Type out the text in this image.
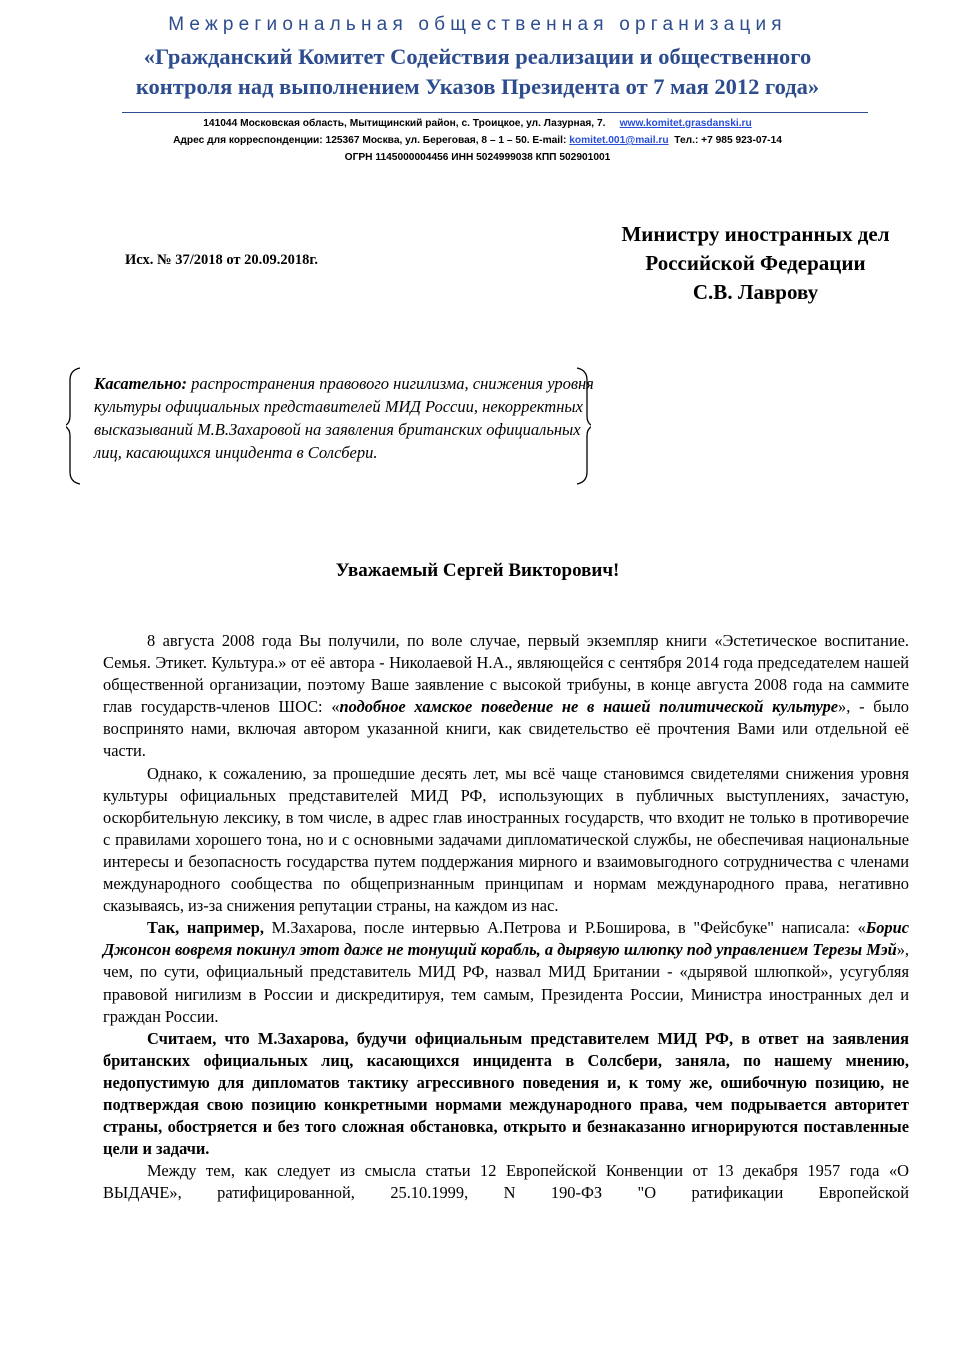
Межрегиональная общественная организация
«Гражданский Комитет Содействия реализации и общественного
контроля над выполнением Указов Президента от 7 мая 2012 года»
141044 Московская область, Мытищинский район, с. Троицкое, ул. Лазурная, 7. www.komitet.grasdanski.ru
Адрес для корреспонденции: 125367 Москва, ул. Береговая, 8 – 1 – 50. E-mail: komitet.001@mail.ru Тел.: +7 985 923-07-14
ОГРН 1145000004456 ИНН 5024999038 КПП 502901001
Исх. № 37/2018 от 20.09.2018г.
Министру иностранных дел
Российской Федерации
С.В. Лаврову
Касательно: распространения правового нигилизма, снижения уровня культуры официальных представителей МИД России, некорректных высказываний М.В.Захаровой на заявления британских официальных лиц, касающихся инцидента в Солсбери.
Уважаемый Сергей Викторович!

8 августа 2008 года Вы получили, по воле случае, первый экземпляр книги «Эстетическое воспитание. Семья. Этикет. Культура.» от её автора - Николаевой Н.А., являющейся с сентября 2014 года председателем нашей общественной организации, поэтому Ваше заявление с высокой трибуны, в конце августа 2008 года на саммите глав государств-членов ШОС: «подобное хамское поведение не в нашей политической культуре», - было воспринято нами, включая автором указанной книги, как свидетельство её прочтения Вами или отдельной её части.

Однако, к сожалению, за прошедшие десять лет, мы всё чаще становимся свидетелями снижения уровня культуры официальных представителей МИД РФ, использующих в публичных выступлениях, зачастую, оскорбительную лексику, в том числе, в адрес глав иностранных государств, что входит не только в противоречие с правилами хорошего тона, но и с основными задачами дипломатической службы, не обеспечивая национальные интересы и безопасность государства путем поддержания мирного и взаимовыгодного сотрудничества с членами международного сообщества по общепризнанным принципам и нормам международного права, негативно сказываясь, из-за снижения репутации страны, на каждом из нас.

Так, например, М.Захарова, после интервью А.Петрова и Р.Боширова, в "Фейсбуке" написала: «Борис Джонсон вовремя покинул этот даже не тонущий корабль, а дырявую шлюпку под управлением Терезы Мэй», чем, по сути, официальный представитель МИД РФ, назвал МИД Британии - «дырявой шлюпкой», усугубляя правовой нигилизм в России и дискредитируя, тем самым, Президента России, Министра иностранных дел и граждан России.

Считаем, что М.Захарова, будучи официальным представителем МИД РФ, в ответ на заявления британских официальных лиц, касающихся инцидента в Солсбери, заняла, по нашему мнению, недопустимую для дипломатов тактику агрессивного поведения и, к тому же, ошибочную позицию, не подтверждая свою позицию конкретными нормами международного права, чем подрывается авторитет страны, обостряется и без того сложная обстановка, открыто и безнаказанно игнорируются поставленные цели и задачи.

Между тем, как следует из смысла статьи 12 Европейской Конвенции от 13 декабря 1957 года «О ВЫДАЧЕ», ратифицированной, 25.10.1999, N 190-ФЗ "О ратификации Европейской
